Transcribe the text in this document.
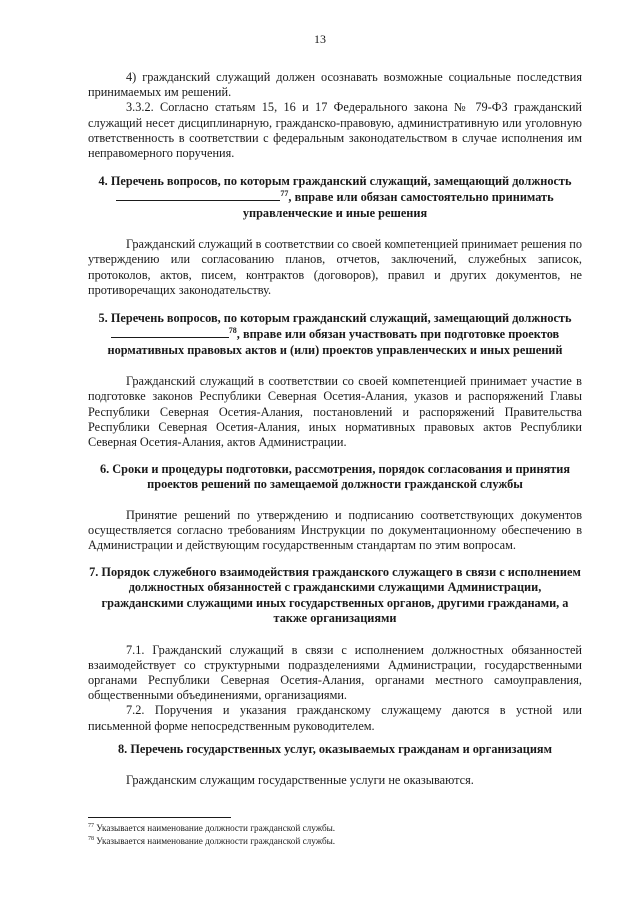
13

4) гражданский служащий должен осознавать возможные социальные последствия принимаемых им решений.

3.3.2. Согласно статьям 15, 16 и 17 Федерального закона № 79-ФЗ гражданский служащий несет дисциплинарную, гражданско-правовую, административную или уголовную ответственность в соответствии с федеральным законодательством в случае исполнения им неправомерного поручения.

4. Перечень вопросов, по которым гражданский служащий, замещающий должность
$^{77}$, вправе или обязан самостоятельно принимать
управленческие и иные решения

Гражданский служащий в соответствии со своей компетенцией принимает решения по утверждению или согласованию планов, отчетов, заключений, служебных записок, протоколов, актов, писем, контрактов (договоров), правил и других документов, не противоречащих законодательству.

5. Перечень вопросов, по которым гражданский служащий, замещающий должность
$^{78}$, вправе или обязан участвовать при подготовке проектов
нормативных правовых актов и (или) проектов управленческих и иных решений

Гражданский служащий в соответствии со своей компетенцией принимает участие в подготовке законов Республики Северная Осетия-Алания, указов и распоряжений Главы Республики Северная Осетия-Алания, постановлений и распоряжений Правительства Республики Северная Осетия-Алания, иных нормативных правовых актов Республики Северная Осетия-Алания, актов Администрации.

6. Сроки и процедуры подготовки, рассмотрения, порядок согласования и принятия проектов решений по замещаемой должности гражданской службы

Принятие решений по утверждению и подписанию соответствующих документов осуществляется согласно требованиям Инструкции по документационному обеспечению в Администрации и действующим государственным стандартам по этим вопросам.

7. Порядок служебного взаимодействия гражданского служащего в связи с исполнением должностных обязанностей с гражданскими служащими Администрации, гражданскими служащими иных государственных органов, другими гражданами, а также организациями

7.1. Гражданский служащий в связи с исполнением должностных обязанностей взаимодействует со структурными подразделениями Администрации, государственными органами Республики Северная Осетия-Алания, органами местного самоуправления, общественными объединениями, организациями.

7.2. Поручения и указания гражданскому служащему даются в устной или письменной форме непосредственным руководителем.

8. Перечень государственных услуг, оказываемых гражданам и организациям

Гражданским служащим государственные услуги не оказываются.

$^{77}$ Указывается наименование должности гражданской службы.
$^{78}$ Указывается наименование должности гражданской службы.
